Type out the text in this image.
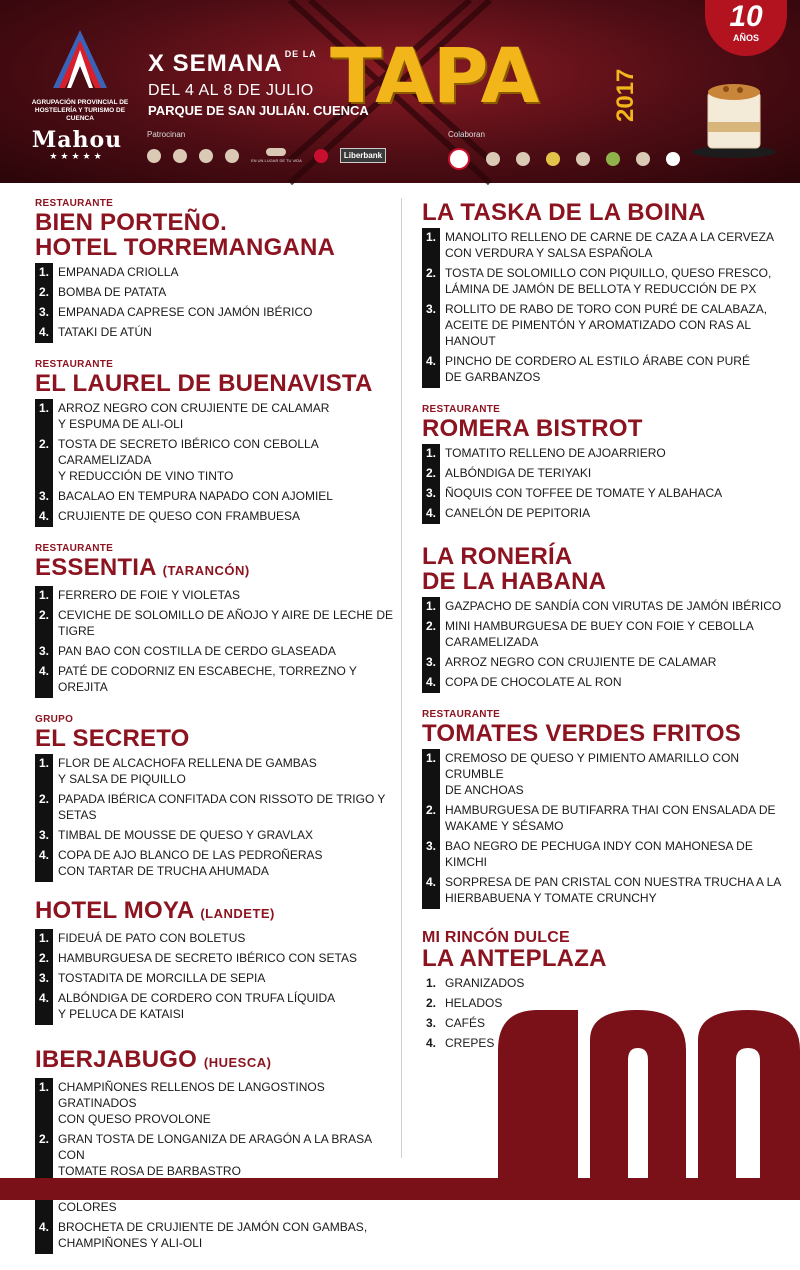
AGRUPACIÓN PROVINCIAL DE HOSTELERÍA Y TURISMO DE CUENCA
Mahou
★★★★★
X SEMANA DE LA
DEL 4 AL 8 DE JULIO
PARQUE DE SAN JULIÁN. CUENCA
TAPA	2017
10
AÑOS
Patrocinan
EN UN LUGAR DE TU VIDA
Liberbank
Colaboran
RESTAURANTE
BIEN PORTEÑO.
HOTEL TORREMANGANA
1. EMPANADA CRIOLLA
2. BOMBA DE PATATA
3. EMPANADA CAPRESE CON JAMÓN IBÉRICO
4. TATAKI DE ATÚN
RESTAURANTE
EL LAUREL DE BUENAVISTA
1. ARROZ NEGRO CON CRUJIENTE DE CALAMAR
Y ESPUMA DE ALI-OLI
2. TOSTA DE SECRETO IBÉRICO CON CEBOLLA CARAMELIZADA
Y REDUCCIÓN DE VINO TINTO
3. BACALAO EN TEMPURA NAPADO CON AJOMIEL
4. CRUJIENTE DE QUESO CON FRAMBUESA
RESTAURANTE
ESSENTIA (TARANCÓN)
1. FERRERO DE FOIE Y VIOLETAS
2. CEVICHE DE SOLOMILLO DE AÑOJO Y AIRE DE LECHE DE TIGRE
3. PAN BAO CON COSTILLA DE CERDO GLASEADA
4. PATÉ DE CODORNIZ EN ESCABECHE, TORREZNO Y OREJITA
GRUPO
EL SECRETO
1. FLOR DE ALCACHOFA RELLENA DE GAMBAS
Y SALSA DE PIQUILLO
2. PAPADA IBÉRICA CONFITADA CON RISSOTO DE TRIGO Y SETAS
3. TIMBAL DE MOUSSE DE QUESO Y GRAVLAX
4. COPA DE AJO BLANCO DE LAS PEDROÑERAS
CON TARTAR DE TRUCHA AHUMADA
HOTEL MOYA (LANDETE)
1. FIDEUÁ DE PATO CON BOLETUS
2. HAMBURGUESA DE SECRETO IBÉRICO CON SETAS
3. TOSTADITA DE MORCILLA DE SEPIA
4. ALBÓNDIGA DE CORDERO CON TRUFA LÍQUIDA
Y PELUCA DE KATAISI
IBERJABUGO (HUESCA)
1. CHAMPIÑONES RELLENOS DE LANGOSTINOS GRATINADOS
CON QUESO PROVOLONE
2. GRAN TOSTA DE LONGANIZA DE ARAGÓN A LA BRASA CON
TOMATE ROSA DE BARBASTRO
COLORES
4. BROCHETA DE CRUJIENTE DE JAMÓN CON GAMBAS,
CHAMPIÑONES Y ALI-OLI
LA TASKA DE LA BOINA
1. MANOLITO RELLENO DE CARNE DE CAZA A LA CERVEZA
CON VERDURA Y SALSA ESPAÑOLA
2. TOSTA DE SOLOMILLO CON PIQUILLO, QUESO FRESCO,
LÁMINA DE JAMÓN DE BELLOTA Y REDUCCIÓN DE PX
3. ROLLITO DE RABO DE TORO CON PURÉ DE CALABAZA,
ACEITE DE PIMENTÓN Y AROMATIZADO CON RAS AL HANOUT
4. PINCHO DE CORDERO AL ESTILO ÁRABE CON PURÉ
DE GARBANZOS
RESTAURANTE
ROMERA BISTROT
1. TOMATITO RELLENO DE AJOARRIERO
2. ALBÓNDIGA DE TERIYAKI
3. ÑOQUIS CON TOFFEE DE TOMATE Y ALBAHACA
4. CANELÓN DE PEPITORIA
LA RONERÍA
DE LA HABANA
1. GAZPACHO DE SANDÍA CON VIRUTAS DE JAMÓN IBÉRICO
2. MINI HAMBURGUESA DE BUEY CON FOIE Y CEBOLLA
CARAMELIZADA
3. ARROZ NEGRO CON CRUJIENTE DE CALAMAR
4. COPA DE CHOCOLATE AL RON
RESTAURANTE
TOMATES VERDES FRITOS
1. CREMOSO DE QUESO Y PIMIENTO AMARILLO CON CRUMBLE
DE ANCHOAS
2. HAMBURGUESA DE BUTIFARRA THAI CON ENSALADA DE
WAKAME Y SÉSAMO
3. BAO NEGRO DE PECHUGA INDY CON MAHONESA DE KIMCHI
4. SORPRESA DE PAN CRISTAL CON NUESTRA TRUCHA A LA
HIERBABUENA Y TOMATE CRUNCHY
MI RINCÓN DULCE
LA ANTEPLAZA
1. GRANIZADOS
2. HELADOS
3. CAFÉS
4. CREPES
